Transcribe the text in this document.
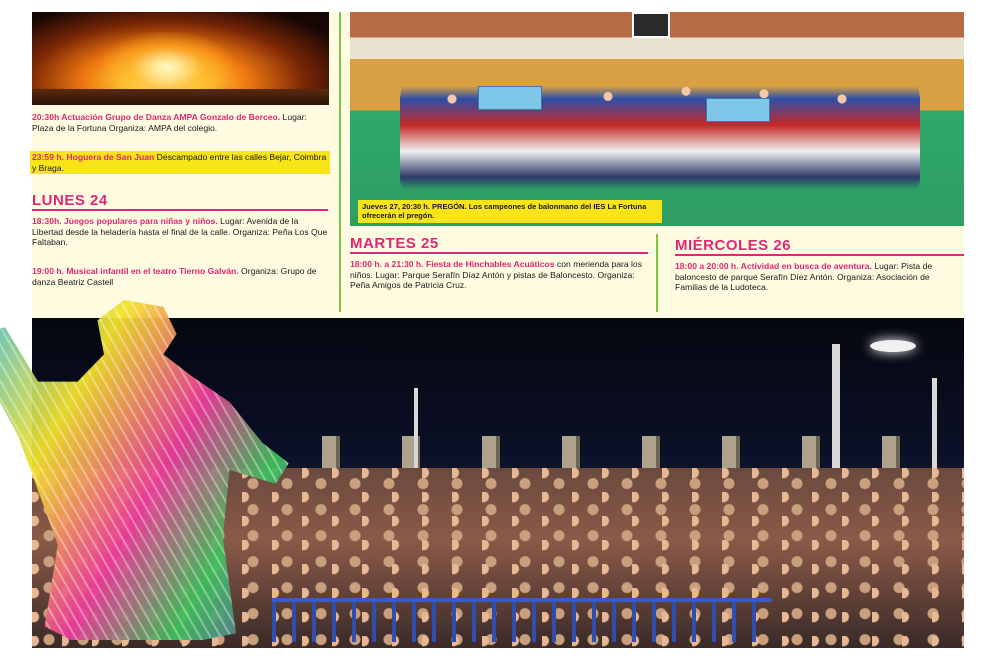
20:30h Actuación Grupo de Danza AMPA Gonzalo de Berceo. Lugar: Plaza de la Fortuna Organiza: AMPA del colegio.

23:59 h. Hoguera de San Juan Descampado entre las calles Bejar, Coimbra y Braga.

LUNES 24

18:30h. Juegos populares para niñas y niños. Lugar: Avenida de la Libertad desde la heladería hasta el final de la calle. Organiza: Peña Los Que Faltaban.

19:00 h. Musical infantil en el teatro Tierno Galván. Organiza: Grupo de danza Beatriz Castell

Jueves 27, 20:30 h. PREGÓN. Los campeones de balonmano del IES La Fortuna ofrecerán el pregón.
MARTES 25

18:00 h. a 21:30 h. Fiesta de Hinchables Acuáticos con merienda para los niños. Lugar: Parque Serafín Díaz Antón y pistas de Baloncesto. Organiza: Peña Amigos de Patricia Cruz.

MIÉRCOLES 26

18:00 a 20:00 h. Actividad en busca de aventura. Lugar: Pista de baloncesto de parque Serafín Díez Antón. Organiza: Asociación de Familias de la Ludoteca.
